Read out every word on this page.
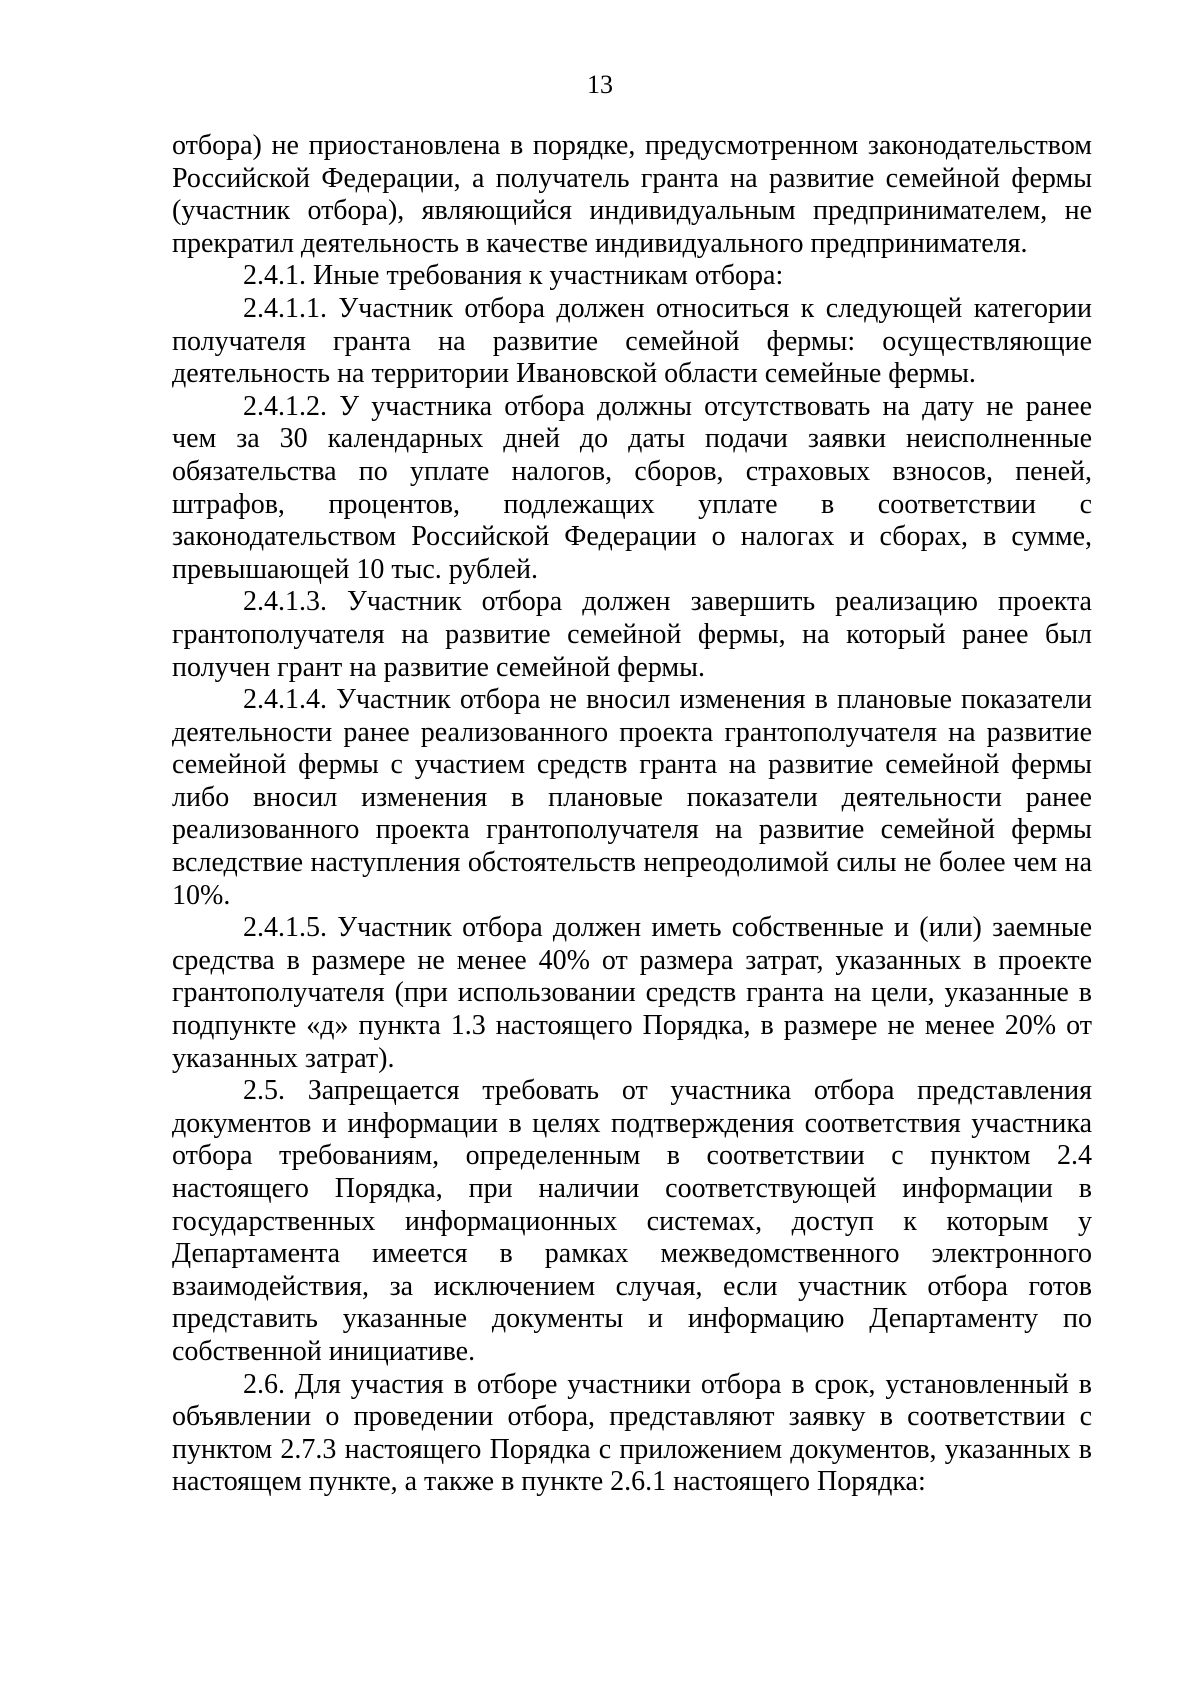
13

отбора) не приостановлена в порядке, предусмотренном законодательством Российской Федерации, а получатель гранта на развитие семейной фермы (участник отбора), являющийся индивидуальным предпринимателем, не прекратил деятельность в качестве индивидуального предпринимателя.

2.4.1. Иные требования к участникам отбора:

2.4.1.1. Участник отбора должен относиться к следующей категории получателя гранта на развитие семейной фермы: осуществляющие деятельность на территории Ивановской области семейные фермы.

2.4.1.2. У участника отбора должны отсутствовать на дату не ранее чем за 30 календарных дней до даты подачи заявки неисполненные обязательства по уплате налогов, сборов, страховых взносов, пеней, штрафов, процентов, подлежащих уплате в соответствии с законодательством Российской Федерации о налогах и сборах, в сумме, превышающей 10 тыс. рублей.

2.4.1.3. Участник отбора должен завершить реализацию проекта грантополучателя на развитие семейной фермы, на который ранее был получен грант на развитие семейной фермы.

2.4.1.4. Участник отбора не вносил изменения в плановые показатели деятельности ранее реализованного проекта грантополучателя на развитие семейной фермы с участием средств гранта на развитие семейной фермы либо вносил изменения в плановые показатели деятельности ранее реализованного проекта грантополучателя на развитие семейной фермы вследствие наступления обстоятельств непреодолимой силы не более чем на 10%.

2.4.1.5. Участник отбора должен иметь собственные и (или) заемные средства в размере не менее 40% от размера затрат, указанных в проекте грантополучателя (при использовании средств гранта на цели, указанные в подпункте «д» пункта 1.3 настоящего Порядка, в размере не менее 20% от указанных затрат).

2.5. Запрещается требовать от участника отбора представления документов и информации в целях подтверждения соответствия участника отбора требованиям, определенным в соответствии с пунктом 2.4 настоящего Порядка, при наличии соответствующей информации в государственных информационных системах, доступ к которым у Департамента имеется в рамках межведомственного электронного взаимодействия, за исключением случая, если участник отбора готов представить указанные документы и информацию Департаменту по собственной инициативе.

2.6. Для участия в отборе участники отбора в срок, установленный в объявлении о проведении отбора, представляют заявку в соответствии с пунктом 2.7.3 настоящего Порядка с приложением документов, указанных в настоящем пункте, а также в пункте 2.6.1 настоящего Порядка:
